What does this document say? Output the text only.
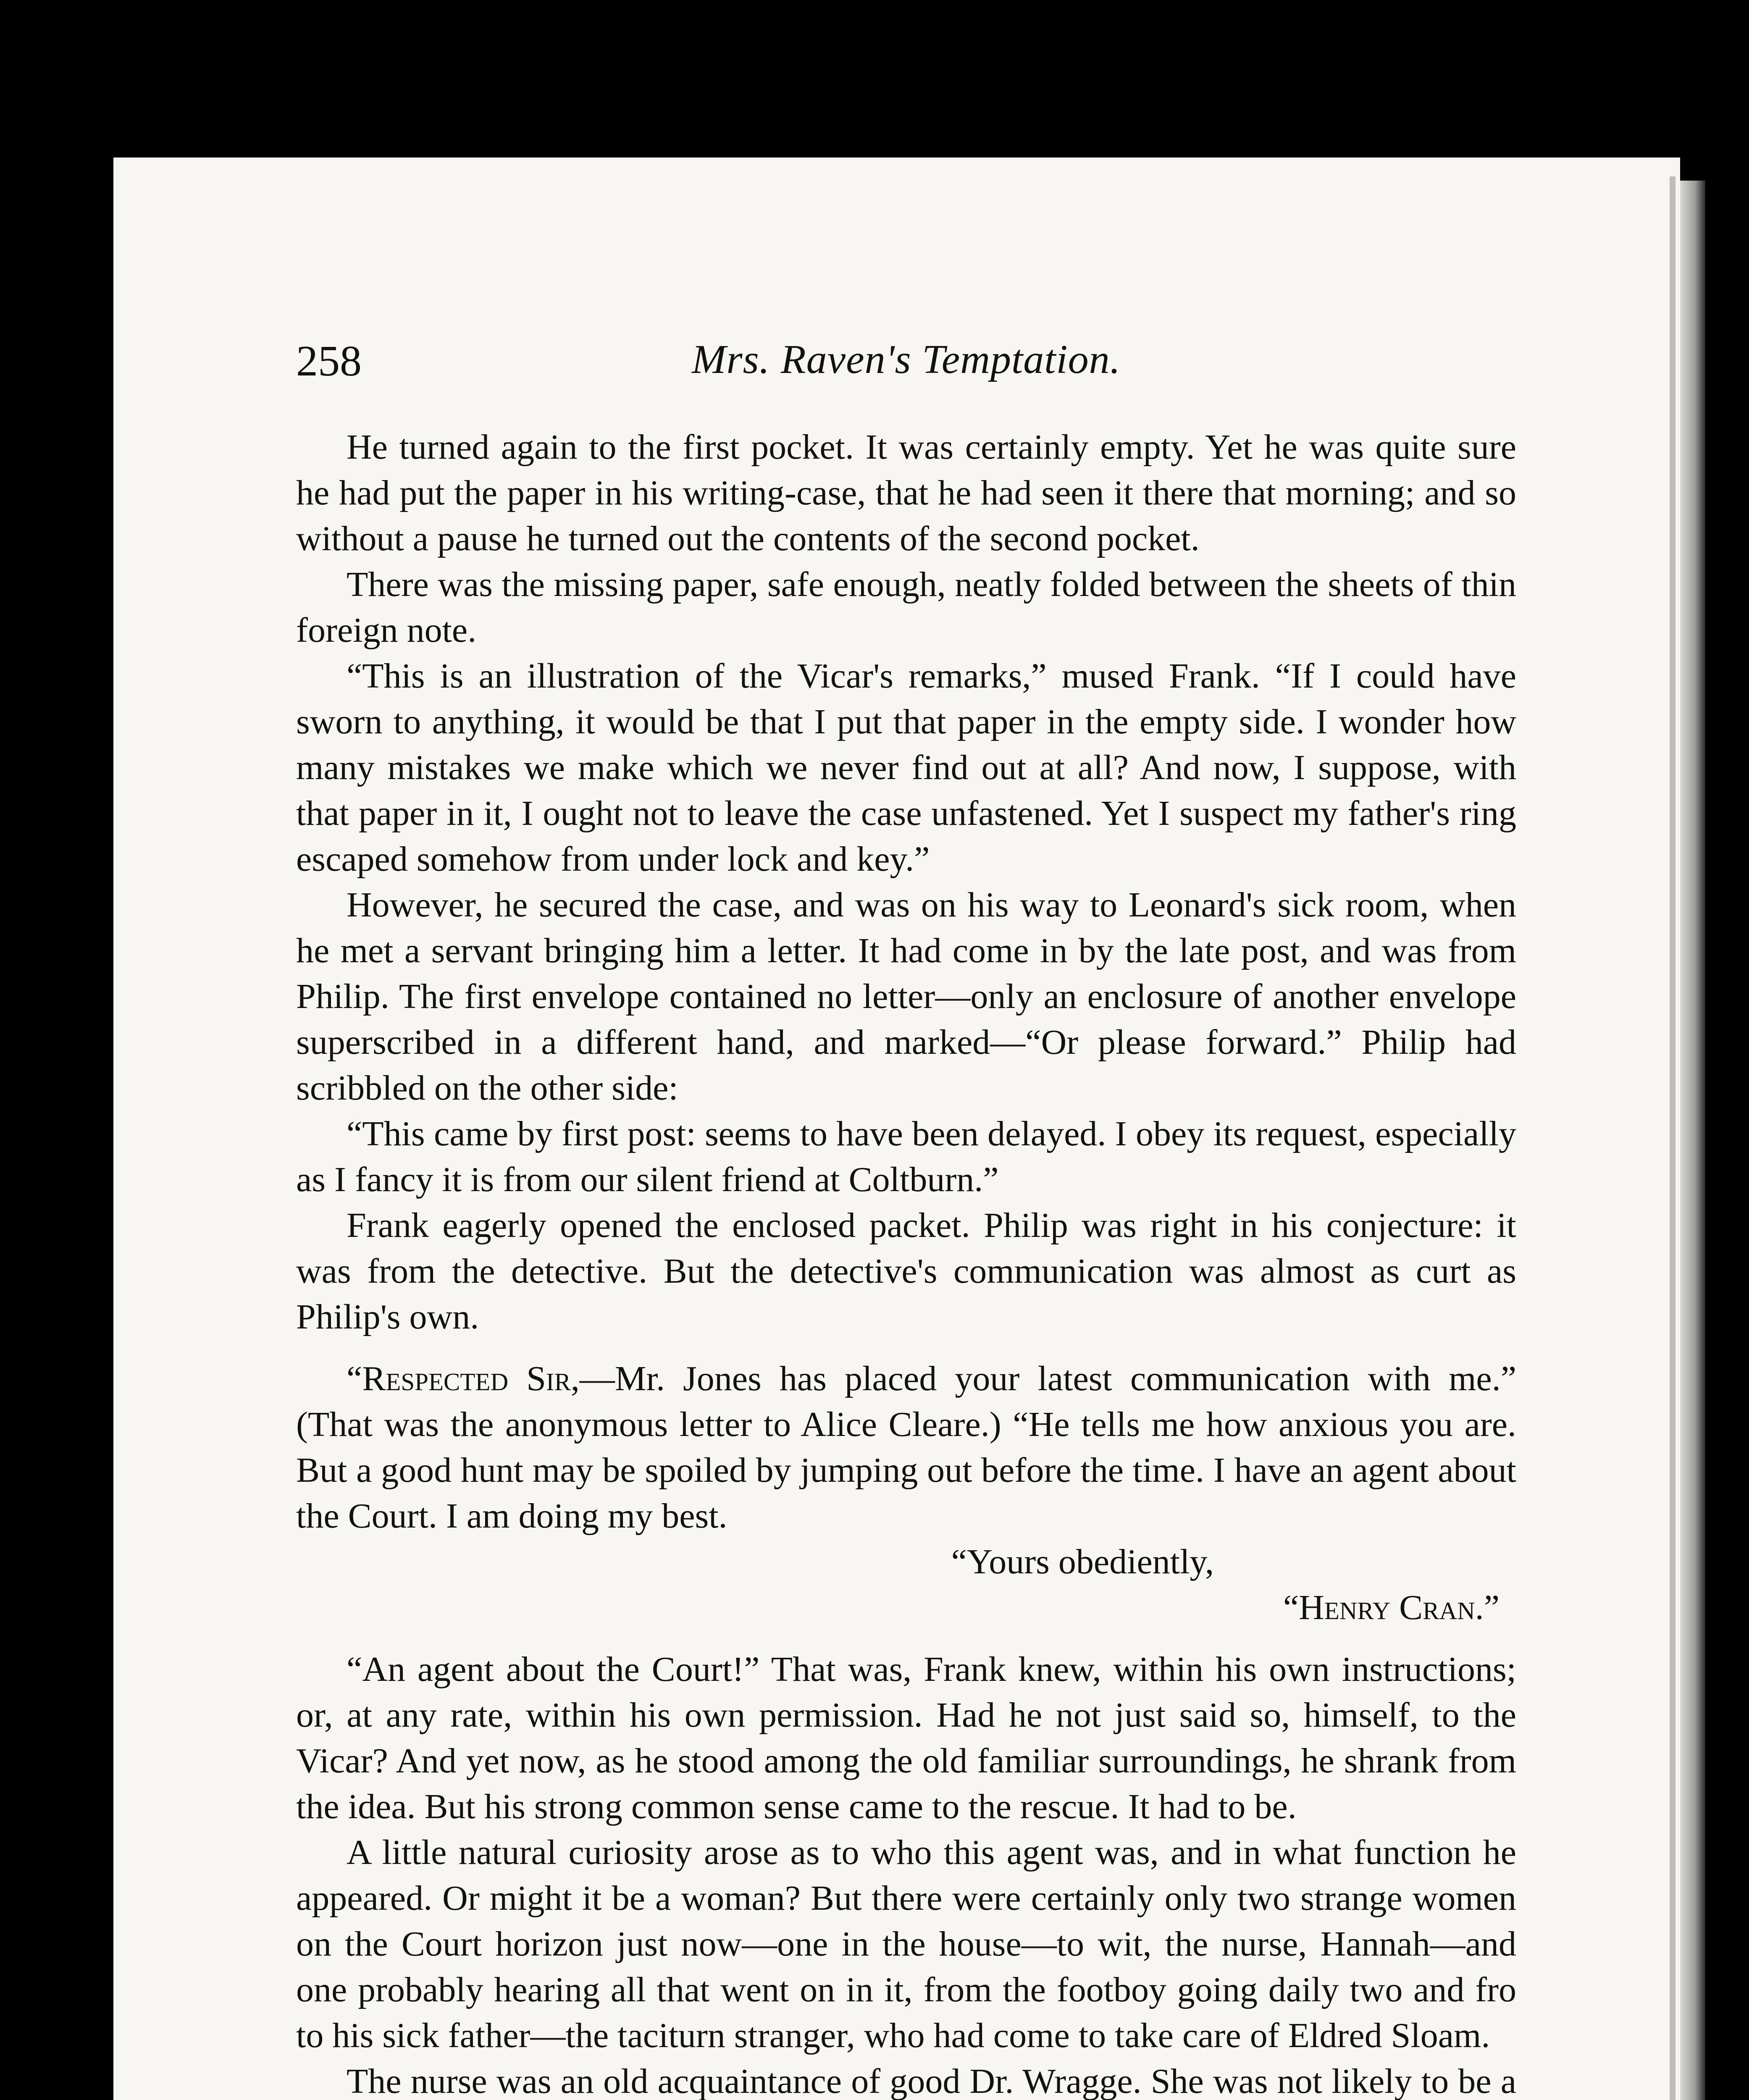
258	Mrs. Raven's Temptation.

He turned again to the first pocket. It was certainly empty. Yet he was quite sure he had put the paper in his writing-case, that he had seen it there that morning; and so without a pause he turned out the contents of the second pocket.

There was the missing paper, safe enough, neatly folded between the sheets of thin foreign note.

“This is an illustration of the Vicar's remarks,” mused Frank. “If I could have sworn to anything, it would be that I put that paper in the empty side. I wonder how many mistakes we make which we never find out at all? And now, I suppose, with that paper in it, I ought not to leave the case unfastened. Yet I suspect my father's ring escaped somehow from under lock and key.”

However, he secured the case, and was on his way to Leonard's sick room, when he met a servant bringing him a letter. It had come in by the late post, and was from Philip. The first envelope contained no letter—only an enclosure of another envelope superscribed in a different hand, and marked—“Or please forward.” Philip had scribbled on the other side:

“This came by first post: seems to have been delayed. I obey its request, especially as I fancy it is from our silent friend at Coltburn.”

Frank eagerly opened the enclosed packet. Philip was right in his conjecture: it was from the detective. But the detective's communication was almost as curt as Philip's own.

“Respected Sir,—Mr. Jones has placed your latest communication with me.” (That was the anonymous letter to Alice Cleare.) “He tells me how anxious you are. But a good hunt may be spoiled by jumping out before the time. I have an agent about the Court. I am doing my best.

“Yours obediently,

“Henry Cran.”

“An agent about the Court!” That was, Frank knew, within his own instructions; or, at any rate, within his own permission. Had he not just said so, himself, to the Vicar? And yet now, as he stood among the old familiar surroundings, he shrank from the idea. But his strong common sense came to the rescue. It had to be.

A little natural curiosity arose as to who this agent was, and in what function he appeared. Or might it be a woman? But there were certainly only two strange women on the Court horizon just now—one in the house—to wit, the nurse, Hannah—and one probably hearing all that went on in it, from the footboy going daily two and fro to his sick father—the taciturn stranger, who had come to take care of Eldred Sloam.

The nurse was an old acquaintance of good Dr. Wragge. She was not likely to be a
